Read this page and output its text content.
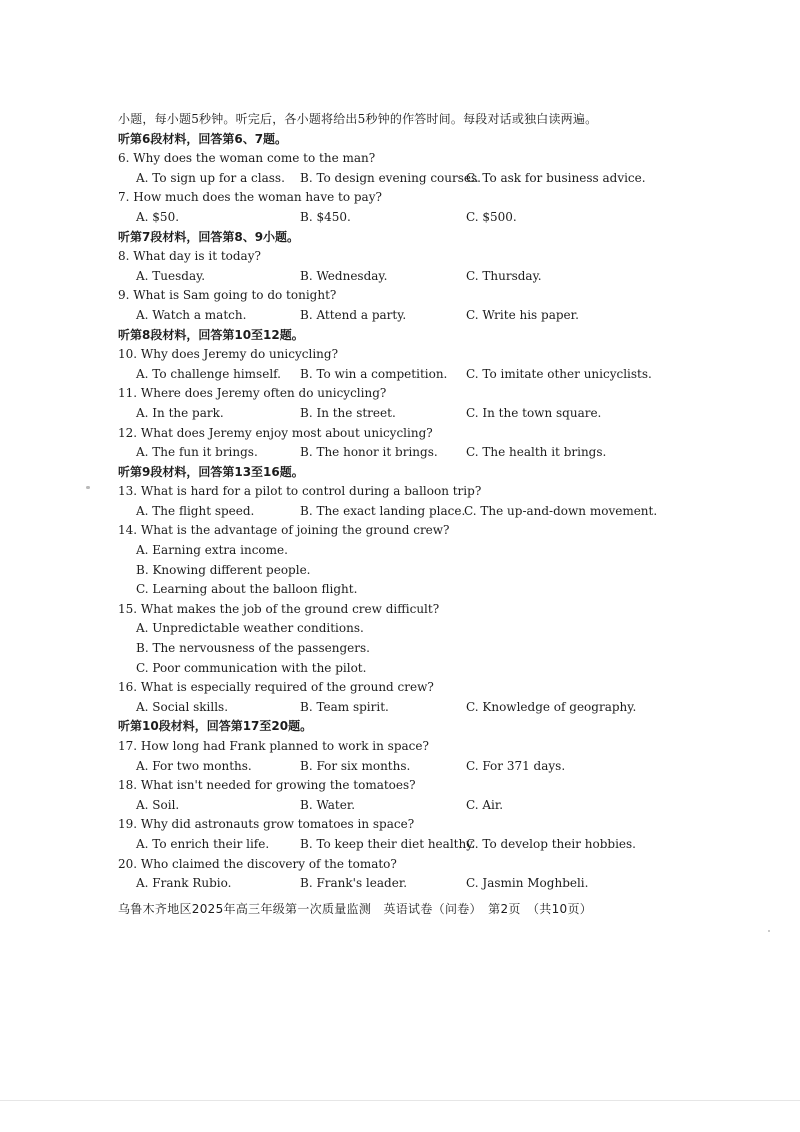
小题，每小题5秒钟。听完后，各小题将给出5秒钟的作答时间。每段对话或独白读两遍。
听第6段材料，回答第6、7题。
6. Why does the woman come to the man?
A. To sign up for a class. B. To design evening courses.
C. To ask for business advice.
7. How much does the woman have to pay?
A. $50.	B. $450.	C. $500.
听第7段材料，回答第8、9小题。
8. What day is it today?
A. Tuesday.	B. Wednesday.	C. Thursday.
9. What is Sam going to do tonight?
A. Watch a match.	B. Attend a party.	C. Write his paper.
听第8段材料，回答第10至12题。
10. Why does Jeremy do unicycling?
A. To challenge himself. B. To win a competition. C. To imitate other unicyclists.
11. Where does Jeremy often do unicycling?
A. In the park.	B. In the street.	C. In the town square.
12. What does Jeremy enjoy most about unicycling?
A. The fun it brings.	B. The honor it brings. C. The health it brings.
听第9段材料，回答第13至16题。
13. What is hard for a pilot to control during a balloon trip?
A. The flight speed.	B. The exact landing place.
C. The up-and-down movement.
14. What is the advantage of joining the ground crew?
A. Earning extra income.
B. Knowing different people.
C. Learning about the balloon flight.
15. What makes the job of the ground crew difficult?
A. Unpredictable weather conditions.
B. The nervousness of the passengers.
C. Poor communication with the pilot.
16. What is especially required of the ground crew?
A. Social skills.	B. Team spirit.	C. Knowledge of geography.
听第10段材料，回答第17至20题。
17. How long had Frank planned to work in space?
A. For two months.	B. For six months.	C. For 371 days.
18. What isn't needed for growing the tomatoes?
A. Soil.	B. Water.	C. Air.
19. Why did astronauts grow tomatoes in space?
A. To enrich their life.	B. To keep their diet healthy.
C. To develop their hobbies.
20. Who claimed the discovery of the tomato?
A. Frank Rubio.	B. Frank's leader.	C. Jasmin Moghbeli.
乌鲁木齐地区2025年高三年级第一次质量监测　英语试卷（问卷）　第2页　（共10页）
